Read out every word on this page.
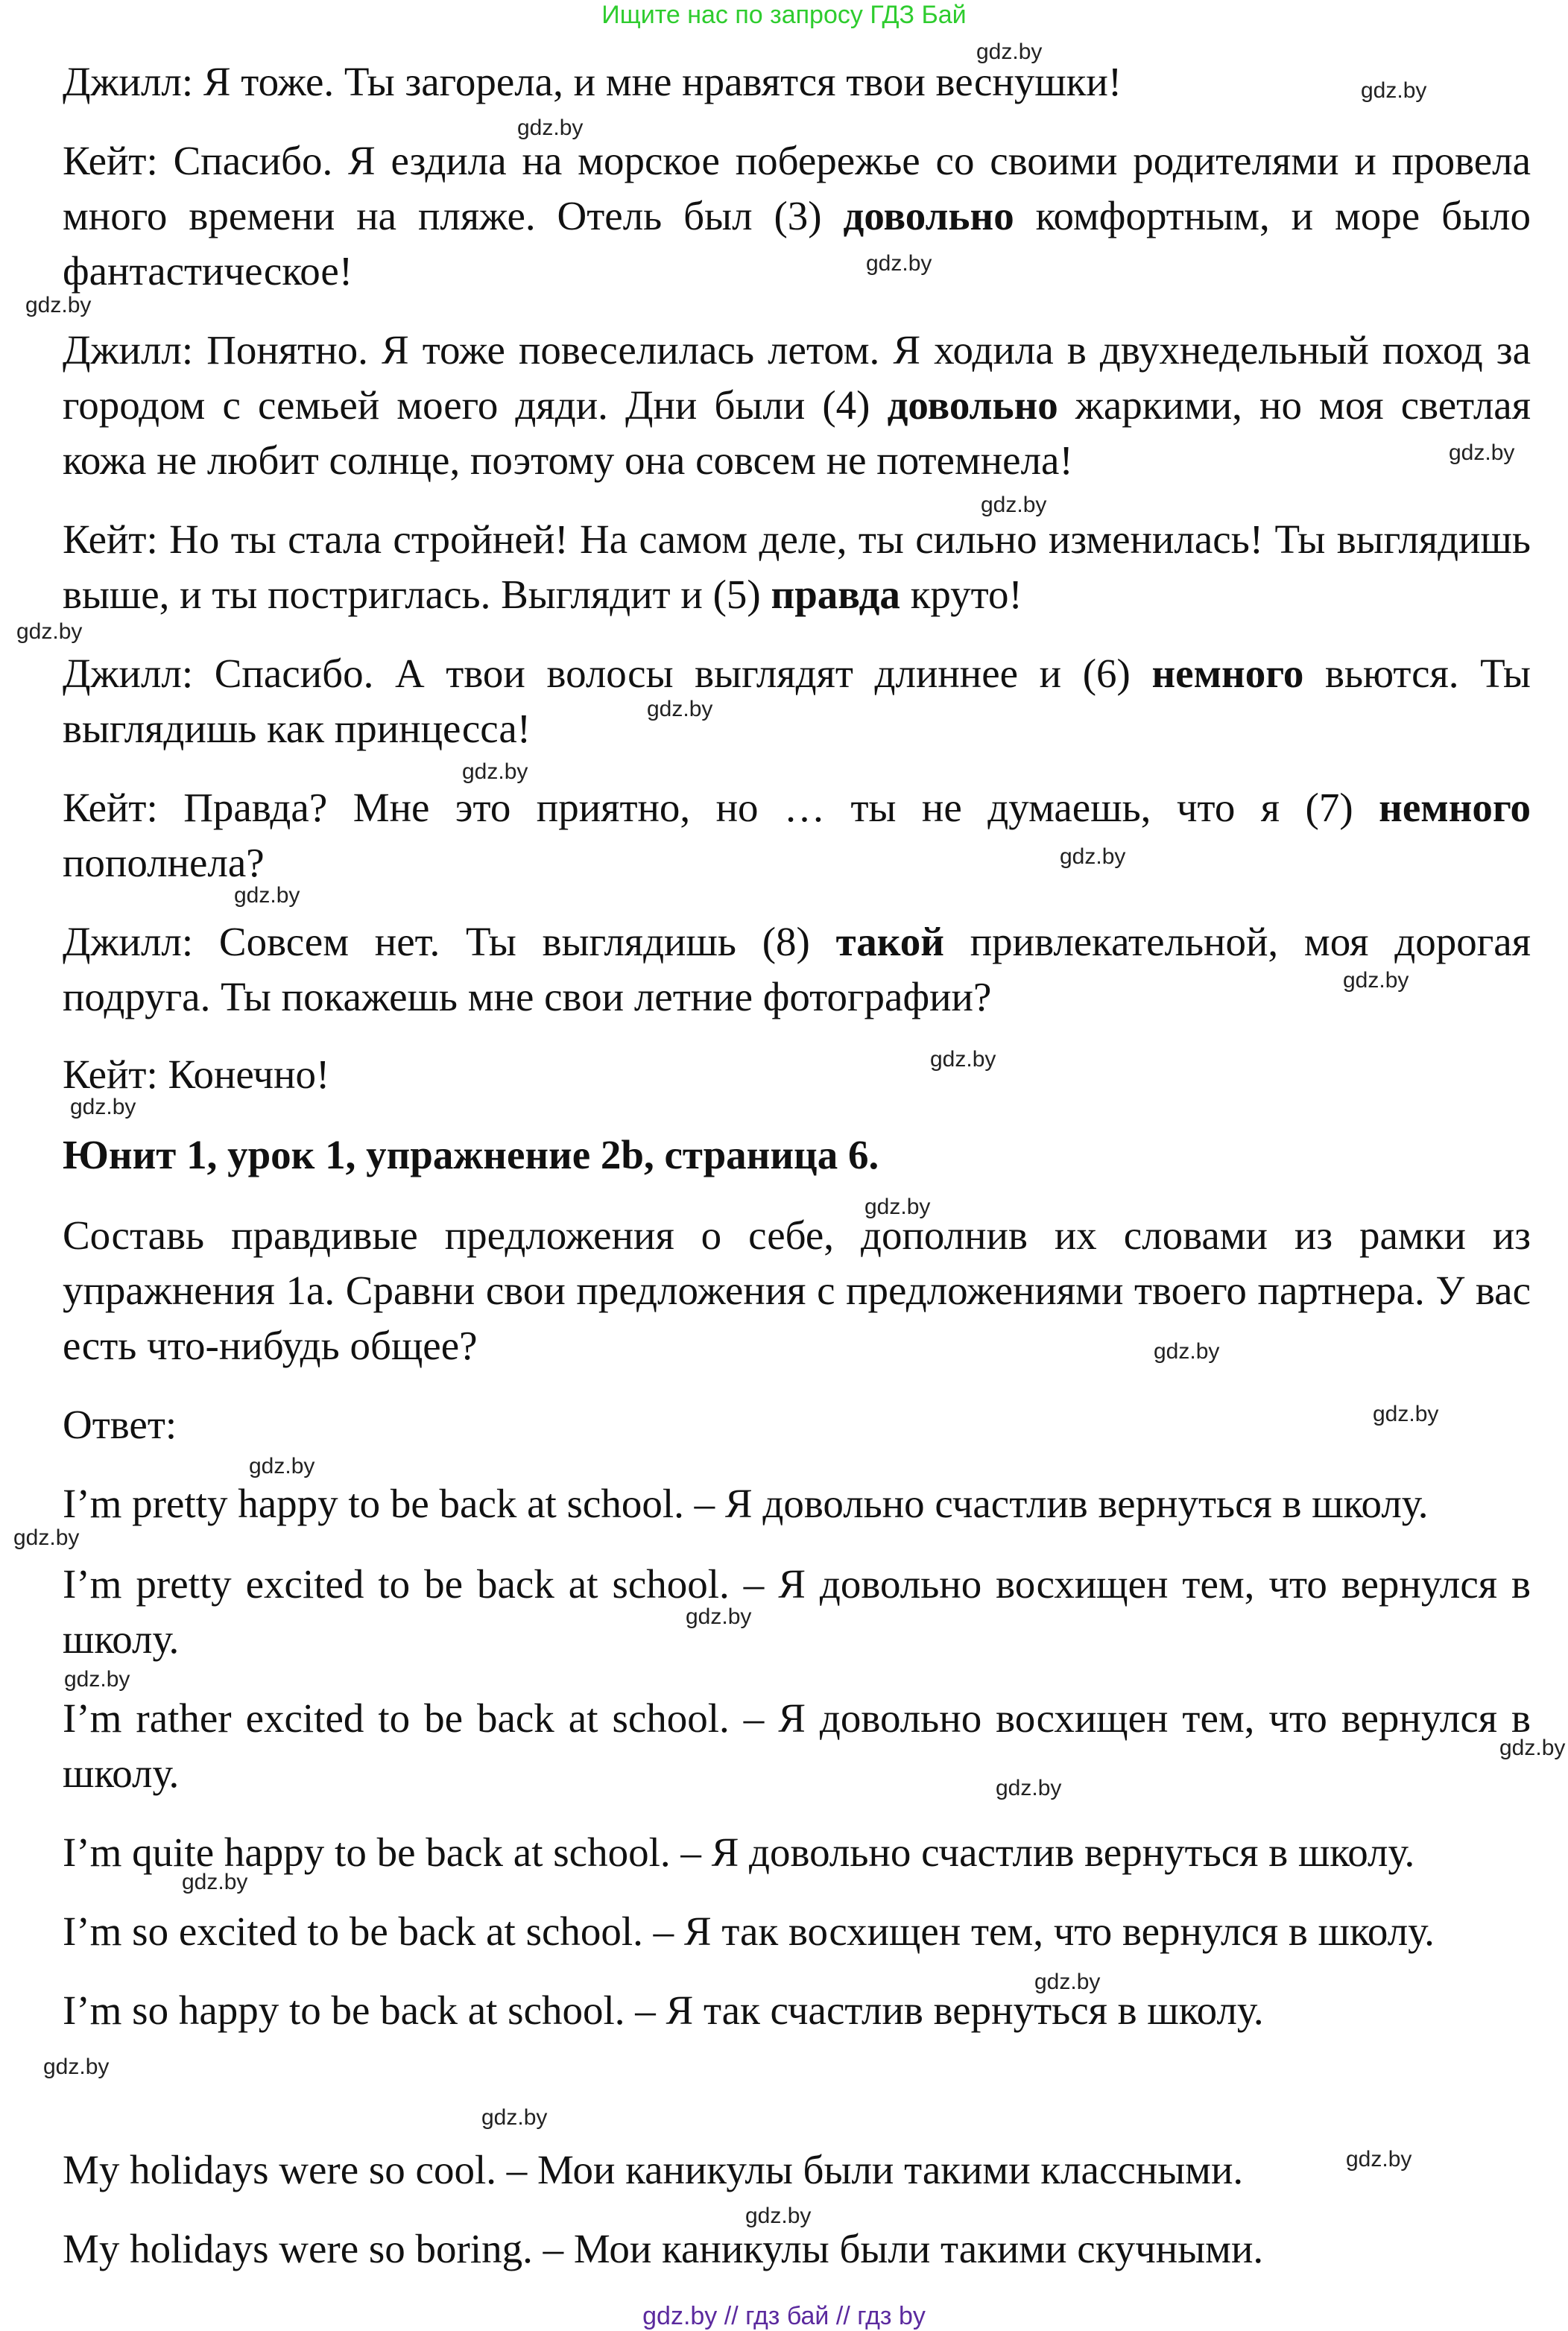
Ищите нас по запросу ГДЗ Бай
Джилл: Я тоже. Ты загорела, и мне нравятся твои веснушки!
Кейт: Спасибо. Я ездила на морское побережье со своими родителями и провела много времени на пляже. Отель был (3) довольно комфортным, и море было фантастическое!
Джилл: Понятно. Я тоже повеселилась летом. Я ходила в двухнедельный поход за городом с семьей моего дяди. Дни были (4) довольно жаркими, но моя светлая кожа не любит солнце, поэтому она совсем не потемнела!
Кейт: Но ты стала стройней! На самом деле, ты сильно изменилась! Ты выглядишь выше, и ты постриглась. Выглядит и (5) правда круто!
Джилл: Спасибо. А твои волосы выглядят длиннее и (6) немного вьются. Ты выглядишь как принцесса!
Кейт: Правда? Мне это приятно, но … ты не думаешь, что я (7) немного пополнела?
Джилл: Совсем нет. Ты выглядишь (8) такой привлекательной, моя дорогая подруга. Ты покажешь мне свои летние фотографии?
Кейт: Конечно!
Юнит 1, урок 1, упражнение 2b, страница 6.
Составь правдивые предложения о себе, дополнив их словами из рамки из упражнения 1a. Сравни свои предложения с предложениями твоего партнера. У вас есть что-нибудь общее?
Ответ:
I’m pretty happy to be back at school. – Я довольно счастлив вернуться в школу.
I’m pretty excited to be back at school. – Я довольно восхищен тем, что вернулся в школу.
I’m rather excited to be back at school. – Я довольно восхищен тем, что вернулся в школу.
I’m quite happy to be back at school. – Я довольно счастлив вернуться в школу.
I’m so excited to be back at school. – Я так восхищен тем, что вернулся в школу.
I’m so happy to be back at school. – Я так счастлив вернуться в школу.
My holidays were so cool. – Мои каникулы были такими классными.
My holidays were so boring. – Мои каникулы были такими скучными.
gdz.by
gdz.by
gdz.by
gdz.by
gdz.by
gdz.by
gdz.by
gdz.by
gdz.by
gdz.by
gdz.by
gdz.by
gdz.by
gdz.by
gdz.by
gdz.by
gdz.by
gdz.by
gdz.by
gdz.by
gdz.by
gdz.by
gdz.by
gdz.by
gdz.by
gdz.by
gdz.by
gdz.by
gdz.by
gdz.by
gdz.by // гдз бай // гдз by
